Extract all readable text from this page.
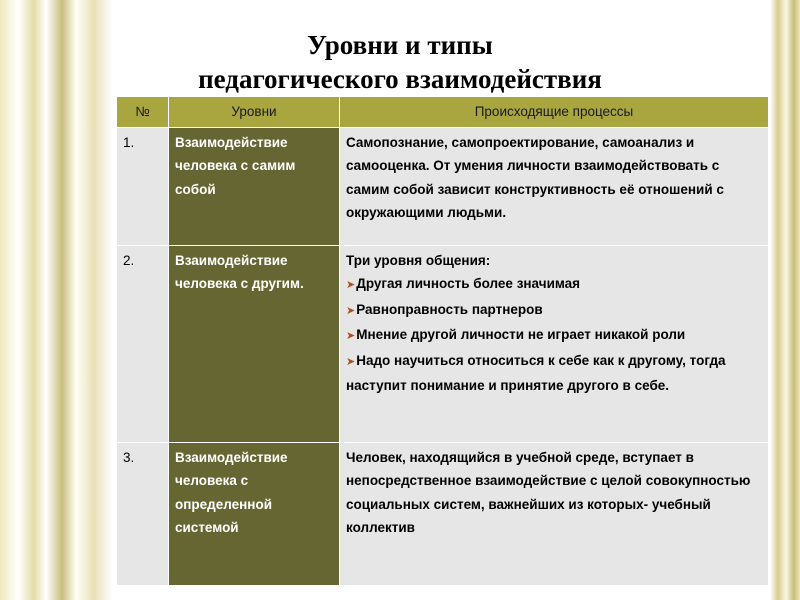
Уровни и типы
педагогического взаимодействия
№	Уровни	Происходящие процессы
1.	Взаимодействие человека с самим собой	Самопознание, самопроектирование, самоанализ и самооценка. От умения личности взаимодействовать с самим собой зависит конструктивность её отношений с окружающими людьми.
2.	Взаимодействие человека с другим.	Три уровня общения:
➤Другая личность более значимая
➤Равноправность партнеров
➤Мнение другой личности не играет никакой роли
➤Надо научиться относиться к себе как к другому, тогда наступит понимание и принятие другого в себе.

3.	Взаимодействие человека с определенной системой	Человек, находящийся в учебной среде, вступает в непосредственное взаимодействие с целой совокупностью социальных систем, важнейших из которых- учебный коллектив
